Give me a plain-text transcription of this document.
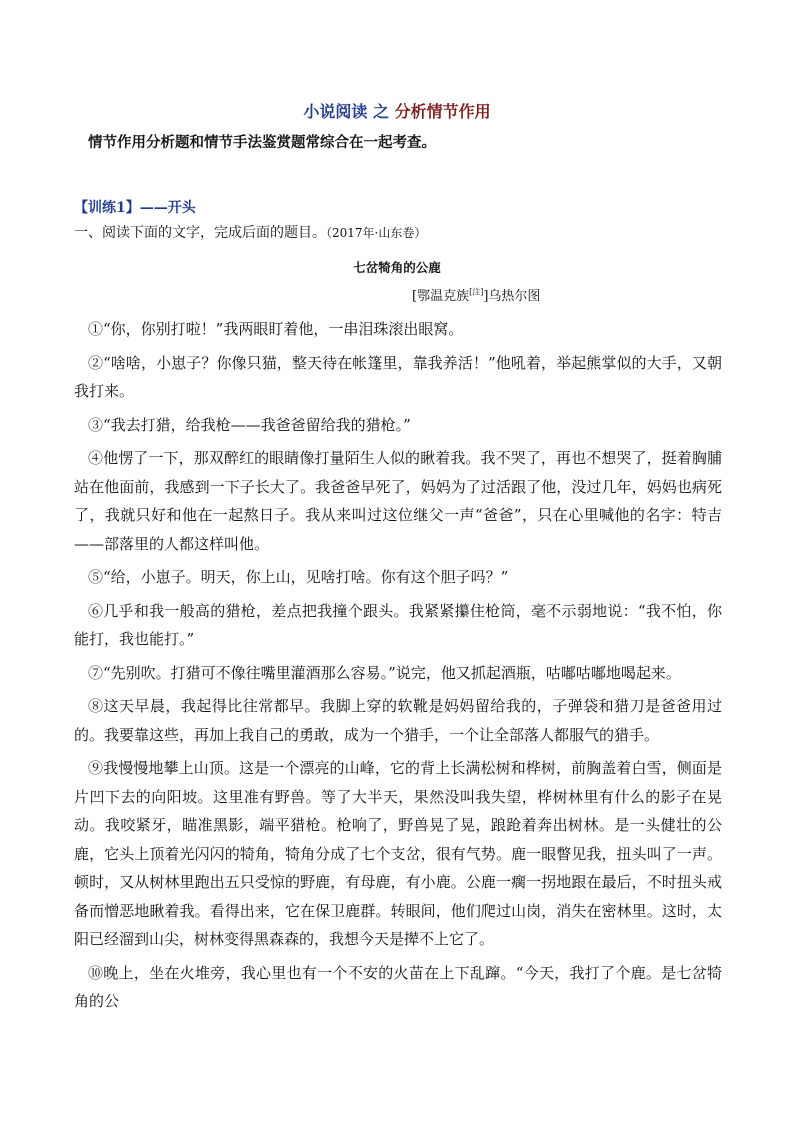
小说阅读 之 分析情节作用
情节作用分析题和情节手法鉴赏题常综合在一起考查。
【训练1】——开头
一、阅读下面的文字，完成后面的题目。（2017年·山东卷）
七岔犄角的公鹿
[鄂温克族[注]]乌热尔图

①“你，你别打啦！”我两眼盯着他，一串泪珠滚出眼窝。

②“啥啥，小崽子？你像只猫，整天待在帐篷里，靠我养活！”他吼着，举起熊掌似的大手，又朝我打来。

③“我去打猎，给我枪——我爸爸留给我的猎枪。”

④他愣了一下，那双醉红的眼睛像打量陌生人似的瞅着我。我不哭了，再也不想哭了，挺着胸脯站在他面前，我感到一下子长大了。我爸爸早死了，妈妈为了过活跟了他，没过几年，妈妈也病死了，我就只好和他在一起熬日子。我从来叫过这位继父一声“爸爸”，只在心里喊他的名字：特吉——部落里的人都这样叫他。

⑤“给，小崽子。明天，你上山，见啥打啥。你有这个胆子吗？”

⑥几乎和我一般高的猎枪，差点把我撞个跟头。我紧紧攥住枪筒，毫不示弱地说：“我不怕，你能打，我也能打。”

⑦“先别吹。打猎可不像往嘴里灌酒那么容易。”说完，他又抓起酒瓶，咕嘟咕嘟地喝起来。

⑧这天早晨，我起得比往常都早。我脚上穿的软靴是妈妈留给我的，子弹袋和猎刀是爸爸用过的。我要靠这些，再加上我自己的勇敢，成为一个猎手，一个让全部落人都服气的猎手。

⑨我慢慢地攀上山顶。这是一个漂亮的山峰，它的背上长满松树和桦树，前胸盖着白雪，侧面是片凹下去的向阳坡。这里准有野兽。等了大半天，果然没叫我失望，桦树林里有什么的影子在晃动。我咬紧牙，瞄准黑影，端平猎枪。枪响了，野兽晃了晃，踉跄着奔出树林。是一头健壮的公鹿，它头上顶着光闪闪的犄角，犄角分成了七个支岔，很有气势。鹿一眼瞥见我，扭头叫了一声。顿时，又从树林里跑出五只受惊的野鹿，有母鹿，有小鹿。公鹿一瘸一拐地跟在最后，不时扭头戒备而憎恶地瞅着我。看得出来，它在保卫鹿群。转眼间，他们爬过山岗，消失在密林里。这时，太阳已经溜到山尖，树林变得黑森森的，我想今天是撵不上它了。

⑩晚上，坐在火堆旁，我心里也有一个不安的火苗在上下乱蹿。“今天，我打了个鹿。是七岔犄角的公
